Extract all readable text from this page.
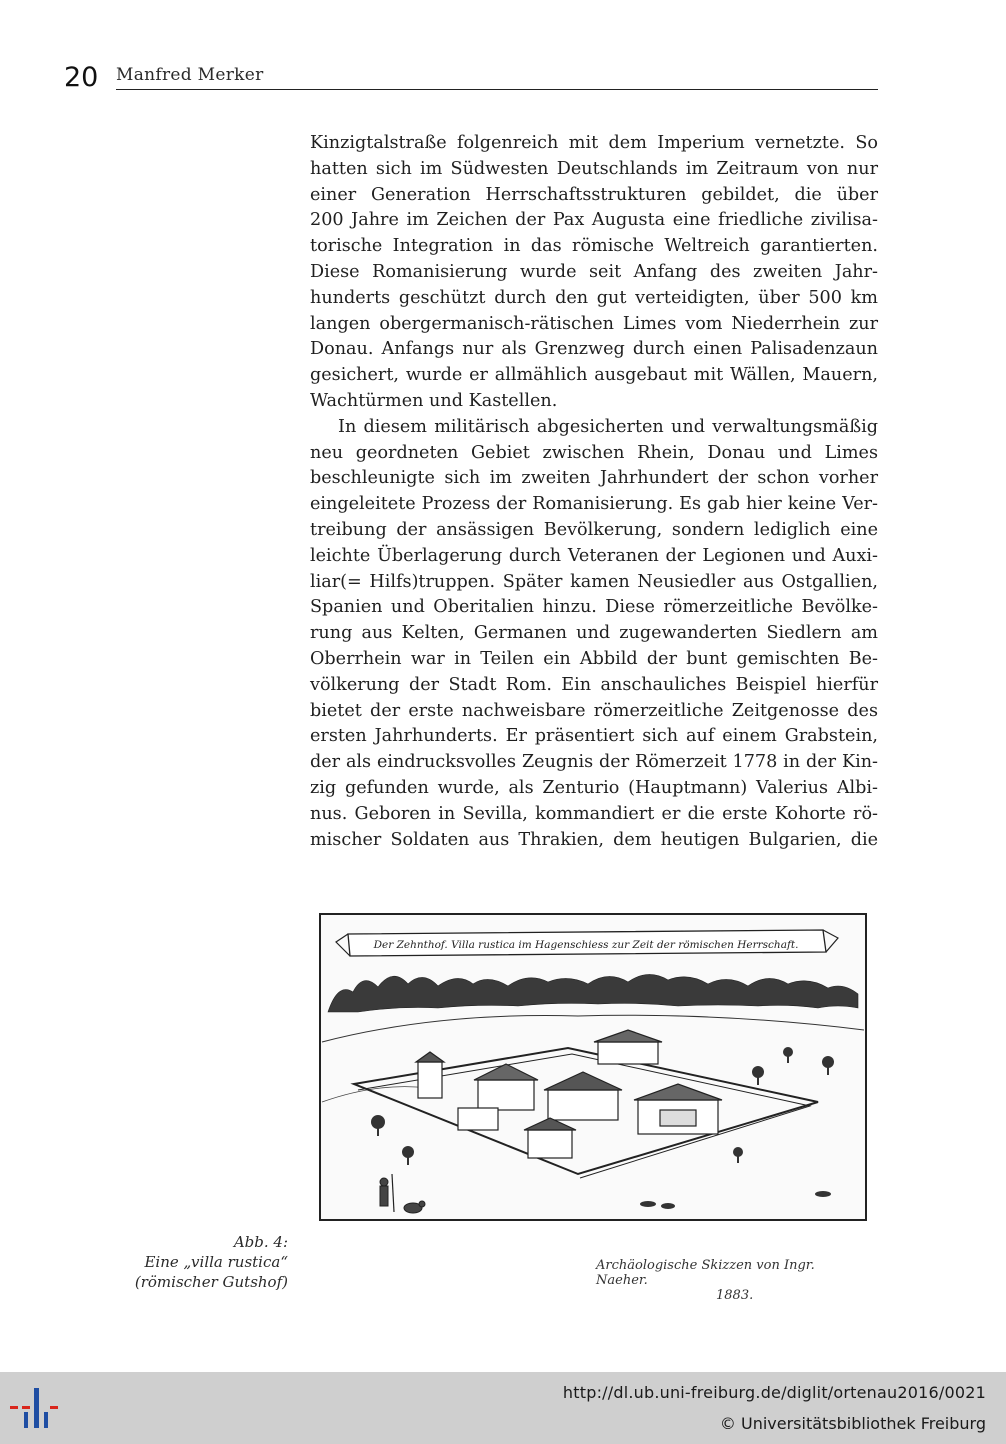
20 Manfred Merker
Kinzigtalstraße folgenreich mit dem Imperium vernetzte. So
hatten sich im Südwesten Deutschlands im Zeitraum von nur
einer Generation Herrschaftsstrukturen gebildet, die über
200 Jahre im Zeichen der Pax Augusta eine friedliche zivilisa-
torische Integration in das römische Weltreich garantierten.
Diese Romanisierung wurde seit Anfang des zweiten Jahr-
hunderts geschützt durch den gut verteidigten, über 500 km
langen obergermanisch-rätischen Limes vom Niederrhein zur
Donau. Anfangs nur als Grenzweg durch einen Palisadenzaun
gesichert, wurde er allmählich ausgebaut mit Wällen, Mauern,
Wachtürmen und Kastellen.
In diesem militärisch abgesicherten und verwaltungsmäßig
neu geordneten Gebiet zwischen Rhein, Donau und Limes
beschleunigte sich im zweiten Jahrhundert der schon vorher
eingeleitete Prozess der Romanisierung. Es gab hier keine Ver-
treibung der ansässigen Bevölkerung, sondern lediglich eine
leichte Überlagerung durch Veteranen der Legionen und Auxi-
liar(= Hilfs)truppen. Später kamen Neusiedler aus Ostgallien,
Spanien und Oberitalien hinzu. Diese römerzeitliche Bevölke-
rung aus Kelten, Germanen und zugewanderten Siedlern am
Oberrhein war in Teilen ein Abbild der bunt gemischten Be-
völkerung der Stadt Rom. Ein anschauliches Beispiel hierfür
bietet der erste nachweisbare römerzeitliche Zeitgenosse des
ersten Jahrhunderts. Er präsentiert sich auf einem Grabstein,
der als eindrucksvolles Zeugnis der Römerzeit 1778 in der Kin-
zig gefunden wurde, als Zenturio (Hauptmann) Valerius Albi-
nus. Geboren in Sevilla, kommandiert er die erste Kohorte rö-
mischer Soldaten aus Thrakien, dem heutigen Bulgarien, die
Der Zehnthof. Villa rustica im Hagenschiess zur Zeit der römischen Herrschaft.
Archäologische Skizzen von Ingr. Naeher.
1883.
Abb. 4:
Eine „villa rustica“
(römischer Gutshof)
http://dl.ub.uni-freiburg.de/diglit/ortenau2016/0021
© Universitätsbibliothek Freiburg
